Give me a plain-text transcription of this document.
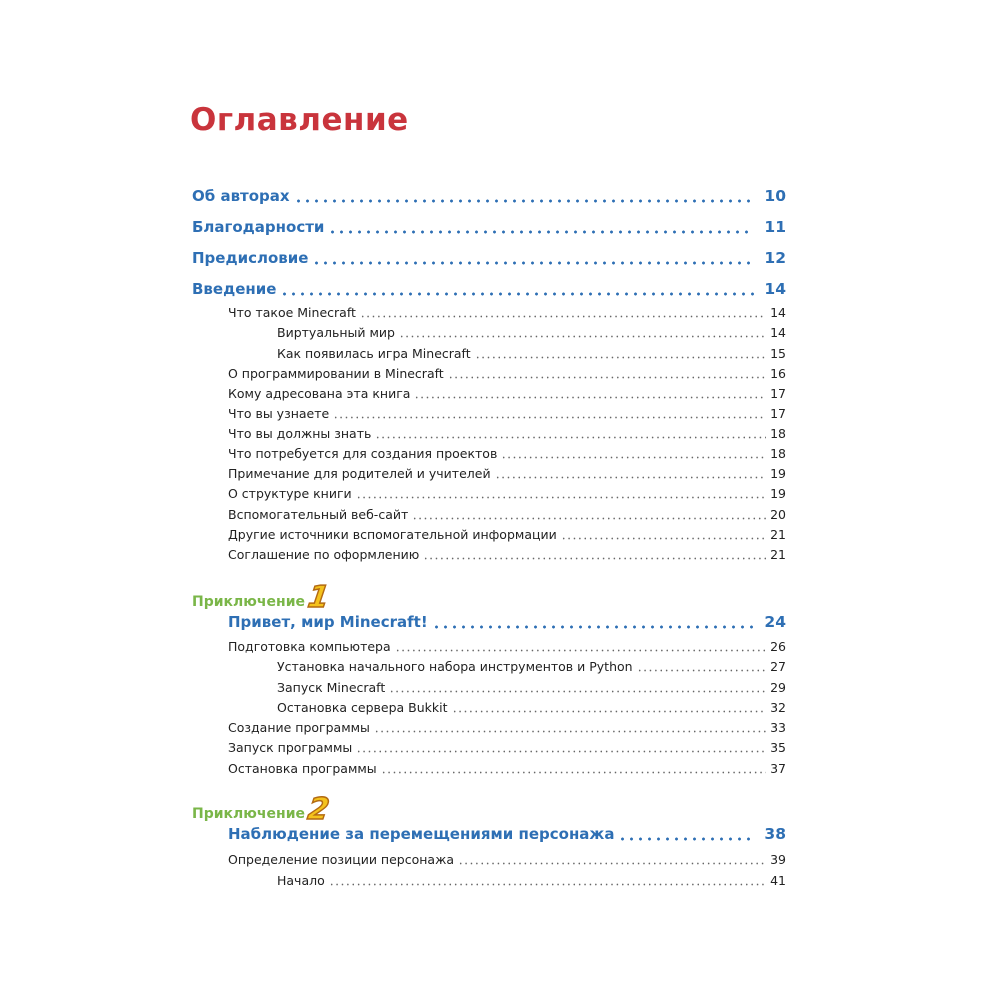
Оглавление
Приключение 1
Приключение 2
Об авторах	10
Благодарности	11
Предисловие	12
Введение	14
Что такое Minecraft	14
Виртуальный мир	14
Как появилась игра Minecraft	15
О программировании в Minecraft	16
Кому адресована эта книга	17
Что вы узнаете	17
Что вы должны знать	18
Что потребуется для создания проектов	18
Примечание для родителей и учителей	19
О структуре книги	19
Вспомогательный веб-сайт	20
Другие источники вспомогательной информации	21
Соглашение по оформлению	21
Привет, мир Minecraft!	24
Подготовка компьютера	26
Установка начального набора инструментов и Python	27
Запуск Minecraft	29
Остановка сервера Bukkit	32
Создание программы	33
Запуск программы	35
Остановка программы	37
Наблюдение за перемещениями персонажа	38
Определение позиции персонажа	39
Начало	41
